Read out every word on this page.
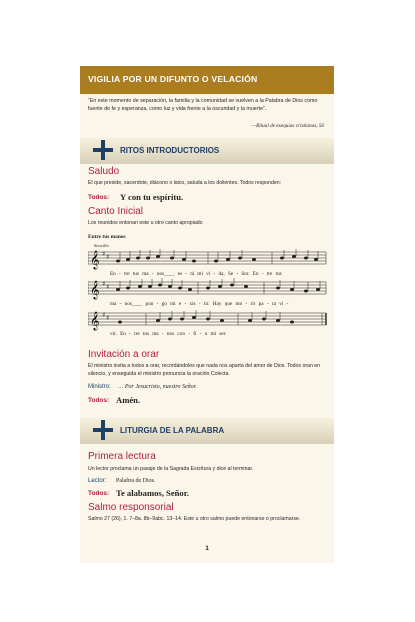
VIGILIA POR UN DIFUNTO O VELACIÓN
“En este momento de separación, la familia y la comunidad se vuelven a la Palabra de Dios como fuente de fe y esperanza, como luz y vida frente a la oscuridad y la muerte”.
—Ritual de exequias cristianas, 56
RITOS INTRODUCTORIOS
Saludo
El que preside, sacerdote, diácono o laico, saluda a los dolientes. Todos responden:
Todos: Y con tu espíritu.
Canto Inicial
Los reunidos entonan este u otro canto apropiado
Entre tus manos
Sencillo
𝄞 ♯ ♯
En - tre tus ma - nos____ es - tá mi vi - da, Se - ñor. En - tre tus
𝄞 ♯ ♯
ma - nos____ pon - go mi e - xis - tir. Hay que mo - rir pa - ra vi -
𝄞 ♯ ♯
vir. En - tre tus ma - nos con - fí - o mi ser.
Invitación a orar
El ministro invita a todos a orar, recordándoles que nada nos aparta del amor de Dios. Todos oran en silencio, y enseguida el ministro pronuncia la oración Colecta.
Ministro: … Por Jesucristo, nuestro Señor.
Todos: Amén.
LITURGIA DE LA PALABRA
Primera lectura
Un lector proclama un pasaje de la Sagrada Escritura y dice al terminar.
Lector: Palabra de Dios.
Todos: Te alabamos, Señor.
Salmo responsorial
Salmo 27 (26), 1. 7–8a. 8b–9abc. 13–14. Este u otro salmo puede entonarse o proclamarse.
1
